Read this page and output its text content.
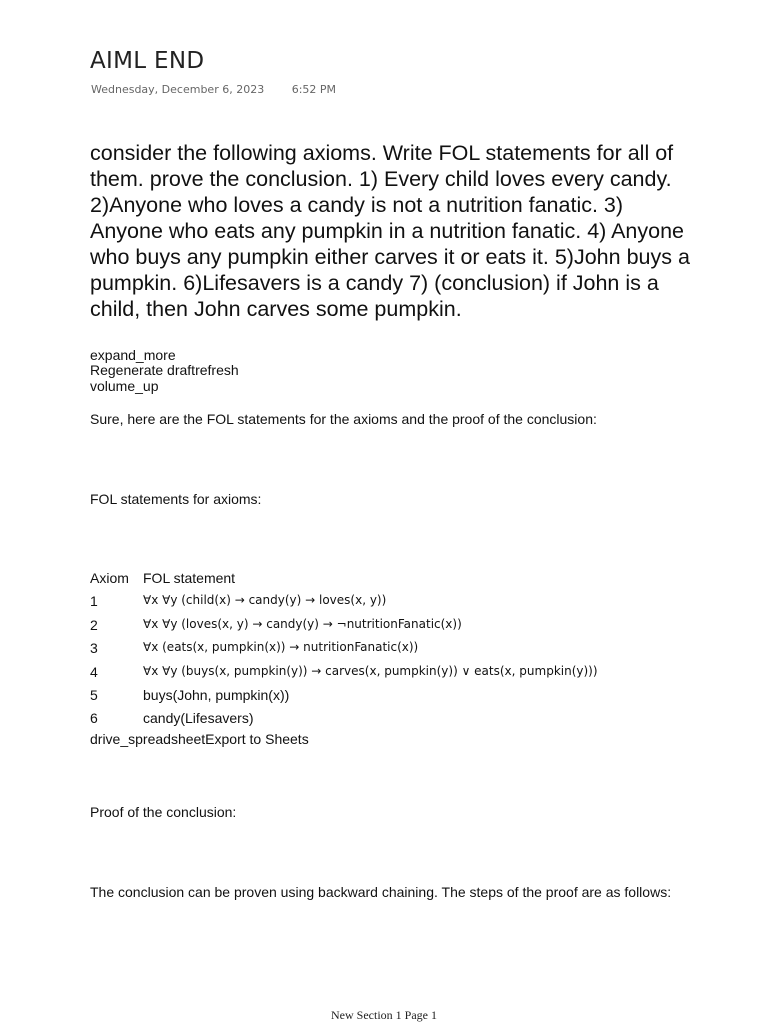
AIML END
Wednesday, December 6, 2023	6:52 PM
consider the following axioms. Write FOL statements for all of them. prove the conclusion. 1) Every child loves every candy. 2)Anyone who loves a candy is not a nutrition fanatic. 3) Anyone who eats any pumpkin in a nutrition fanatic. 4) Anyone who buys any pumpkin either carves it or eats it. 5)John buys a pumpkin. 6)Lifesavers is a candy 7) (conclusion) if John is a child, then John carves some pumpkin.
expand_more
Regenerate draftrefresh
volume_up
Sure, here are the FOL statements for the axioms and the proof of the conclusion:
FOL statements for axioms:
Axiom	FOL statement
1	∀x ∀y (child(x) → candy(y) → loves(x, y))
2	∀x ∀y (loves(x, y) → candy(y) → ¬nutritionFanatic(x))
3	∀x (eats(x, pumpkin(x)) → nutritionFanatic(x))
4	∀x ∀y (buys(x, pumpkin(y)) → carves(x, pumpkin(y)) ∨ eats(x, pumpkin(y)))
5	buys(John, pumpkin(x))
6	candy(Lifesavers)
drive_spreadsheetExport to Sheets
Proof of the conclusion:
The conclusion can be proven using backward chaining. The steps of the proof are as follows:
New Section 1 Page 1
